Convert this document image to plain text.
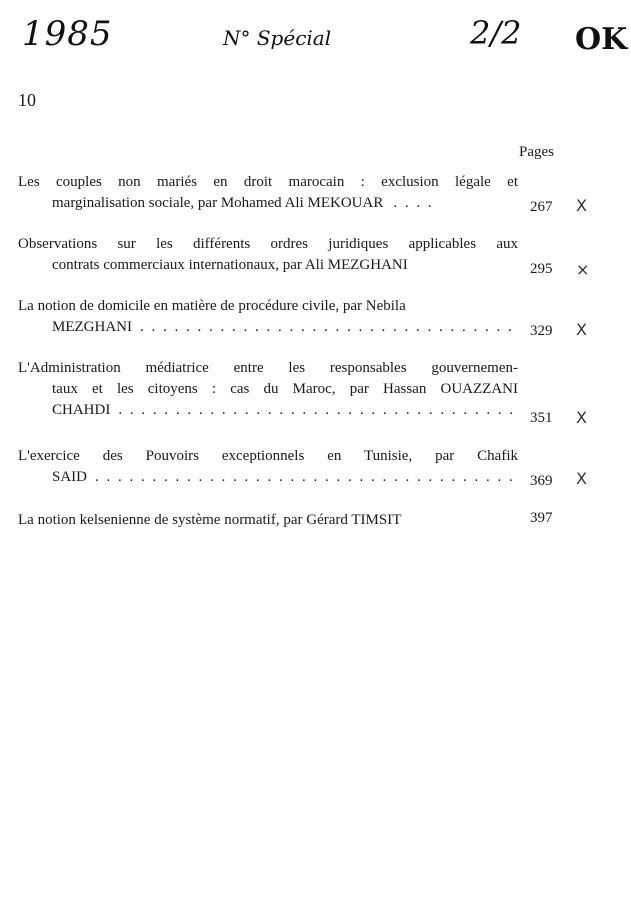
1985	N° Spécial	2/2 OK
10
Pages
Les couples non mariés en droit marocain : exclusion légale et
marginalisation sociale, par Mohamed Ali MEKOUAR . . . .	267 X
Observations sur les différents ordres juridiques applicables aux
contrats commerciaux internationaux, par Ali MEZGHANI	295 ×
La notion de domicile en matière de procédure civile, par Nebila
MEZGHANI . . .	329 X
L'Administration médiatrice entre les responsables gouvernemen-
taux et les citoyens : cas du Maroc, par Hassan OUAZZANI
CHAHDI . . .	351 X
L'exercice des Pouvoirs exceptionnels en Tunisie, par Chafik
SAID . . .	369 X
La notion kelsenienne de système normatif, par Gérard TIMSIT	397
